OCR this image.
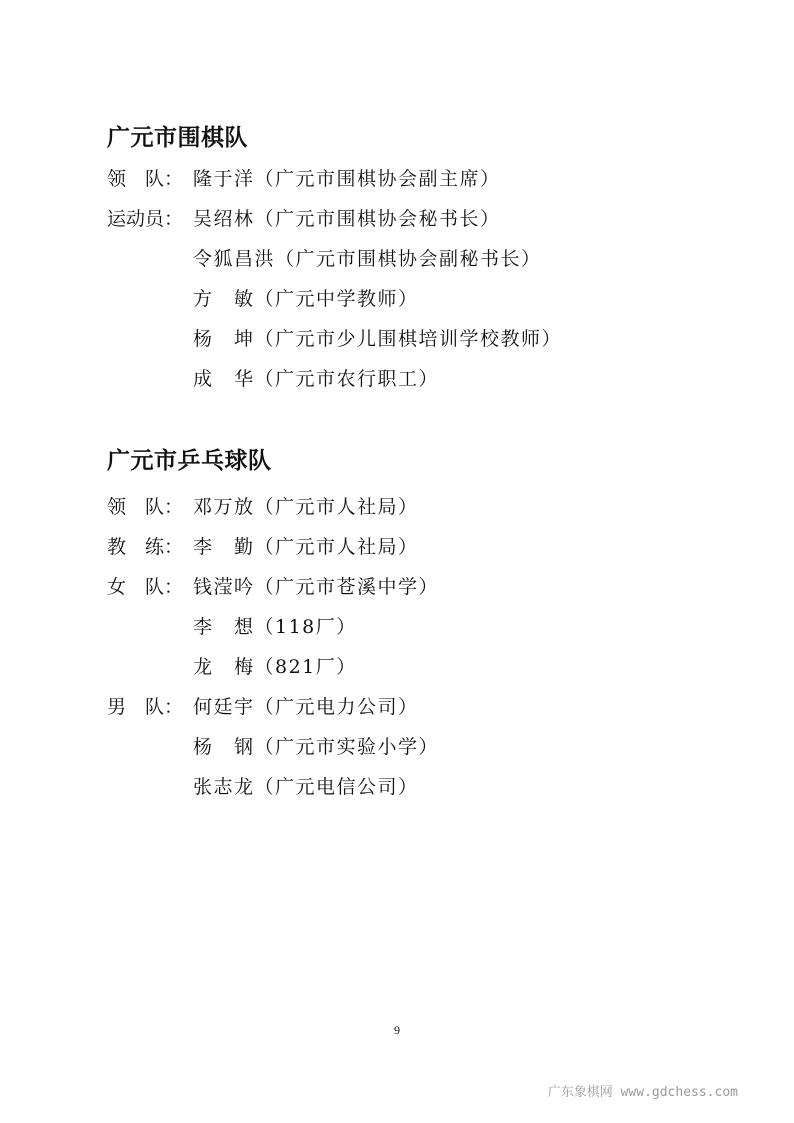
广元市围棋队
领　队： 隆于洋（广元市围棋协会副主席）
运动员： 吴绍林（广元市围棋协会秘书长）
令狐昌洪（广元市围棋协会副秘书长）
方　敏（广元中学教师）
杨　坤（广元市少儿围棋培训学校教师）
成　华（广元市农行职工）
广元市乒乓球队
领　队： 邓万放（广元市人社局）
教　练： 李　勤（广元市人社局）
女　队： 钱滢吟（广元市苍溪中学）
李　想（118厂）
龙　梅（821厂）
男　队： 何廷宇（广元电力公司）
杨　钢（广元市实验小学）
张志龙（广元电信公司）
9
广东象棋网 www.gdchess.com
